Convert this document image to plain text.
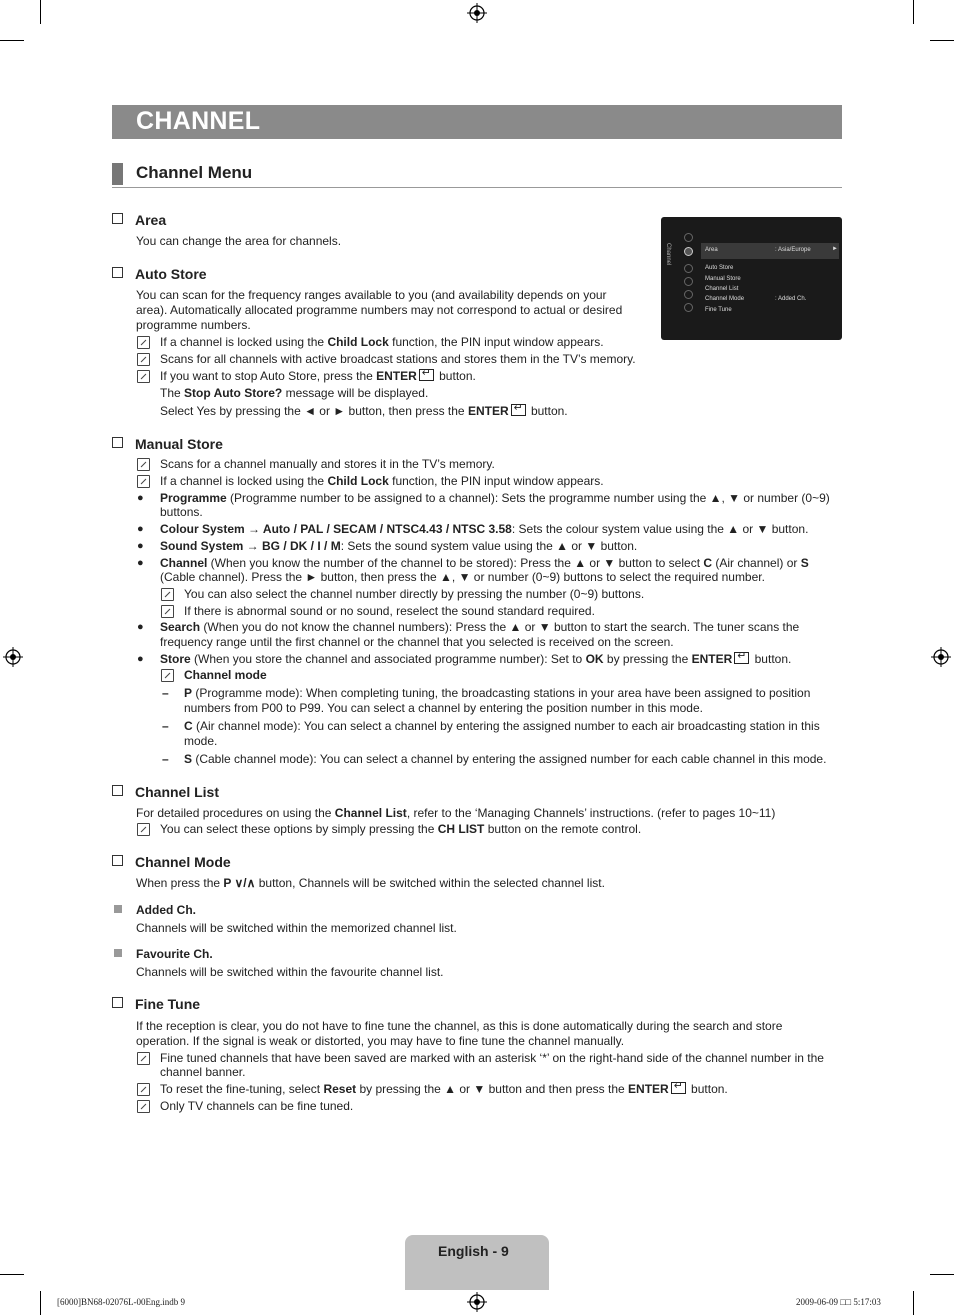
CHANNEL
Channel Menu
Channel	Area	: Asia/Europe	►
Auto Store
Manual Store
Channel List
Channel Mode	: Added Ch.
Fine Tune
Area
You can change the area for channels.
Auto Store
You can scan for the frequency ranges available to you (and availability depends on your area). Automatically allocated programme numbers may not correspond to actual or desired programme numbers.
If a channel is locked using the Child Lock function, the PIN input window appears.
Scans for all channels with active broadcast stations and stores them in the TV’s memory.
If you want to stop Auto Store, press the ENTER↵ button.
The Stop Auto Store? message will be displayed.
Select Yes by pressing the ◄ or ► button, then press the ENTER↵ button.
Manual Store
Scans for a channel manually and stores it in the TV’s memory.
If a channel is locked using the Child Lock function, the PIN input window appears.
● Programme (Programme number to be assigned to a channel): Sets the programme number using the ▲, ▼ or number (0~9)
buttons.
● Colour System → Auto / PAL / SECAM / NTSC4.43 / NTSC 3.58: Sets the colour system value using the ▲ or ▼ button.
● Sound System → BG / DK / I / M: Sets the sound system value using the ▲ or ▼ button.
● Channel (When you know the number of the channel to be stored): Press the ▲ or ▼ button to select C (Air channel) or S
(Cable channel). Press the ► button, then press the ▲, ▼ or number (0~9) buttons to select the required number.
You can also select the channel number directly by pressing the number (0~9) buttons.
If there is abnormal sound or no sound, reselect the sound standard required.
● Search (When you do not know the channel numbers): Press the ▲ or ▼ button to start the search. The tuner scans the
frequency range until the first channel or the channel that you selected is received on the screen.
● Store (When you store the channel and associated programme number): Set to OK by pressing the ENTER↵ button.
Channel mode
– P (Programme mode): When completing tuning, the broadcasting stations in your area have been assigned to position
numbers from P00 to P99. You can select a channel by entering the position number in this mode.
– C (Air channel mode): You can select a channel by entering the assigned number to each air broadcasting station in this
mode.
– S (Cable channel mode): You can select a channel by entering the assigned number for each cable channel in this mode.
Channel List
For detailed procedures on using the Channel List, refer to the ‘Managing Channels’ instructions. (refer to pages 10~11)
You can select these options by simply pressing the CH LIST button on the remote control.
Channel Mode
When press the P ∨/∧ button, Channels will be switched within the selected channel list.
Added Ch.
Channels will be switched within the memorized channel list.
Favourite Ch.
Channels will be switched within the favourite channel list.
Fine Tune
If the reception is clear, you do not have to fine tune the channel, as this is done automatically during the search and store
operation. If the signal is weak or distorted, you may have to fine tune the channel manually.
Fine tuned channels that have been saved are marked with an asterisk ‘*’ on the right-hand side of the channel number in the
channel banner.
To reset the fine-tuning, select Reset by pressing the ▲ or ▼ button and then press the ENTER↵ button.
Only TV channels can be fine tuned.
English - 9
[6000]BN68-02076L-00Eng.indb 9	2009-06-09 □□ 5:17:03
